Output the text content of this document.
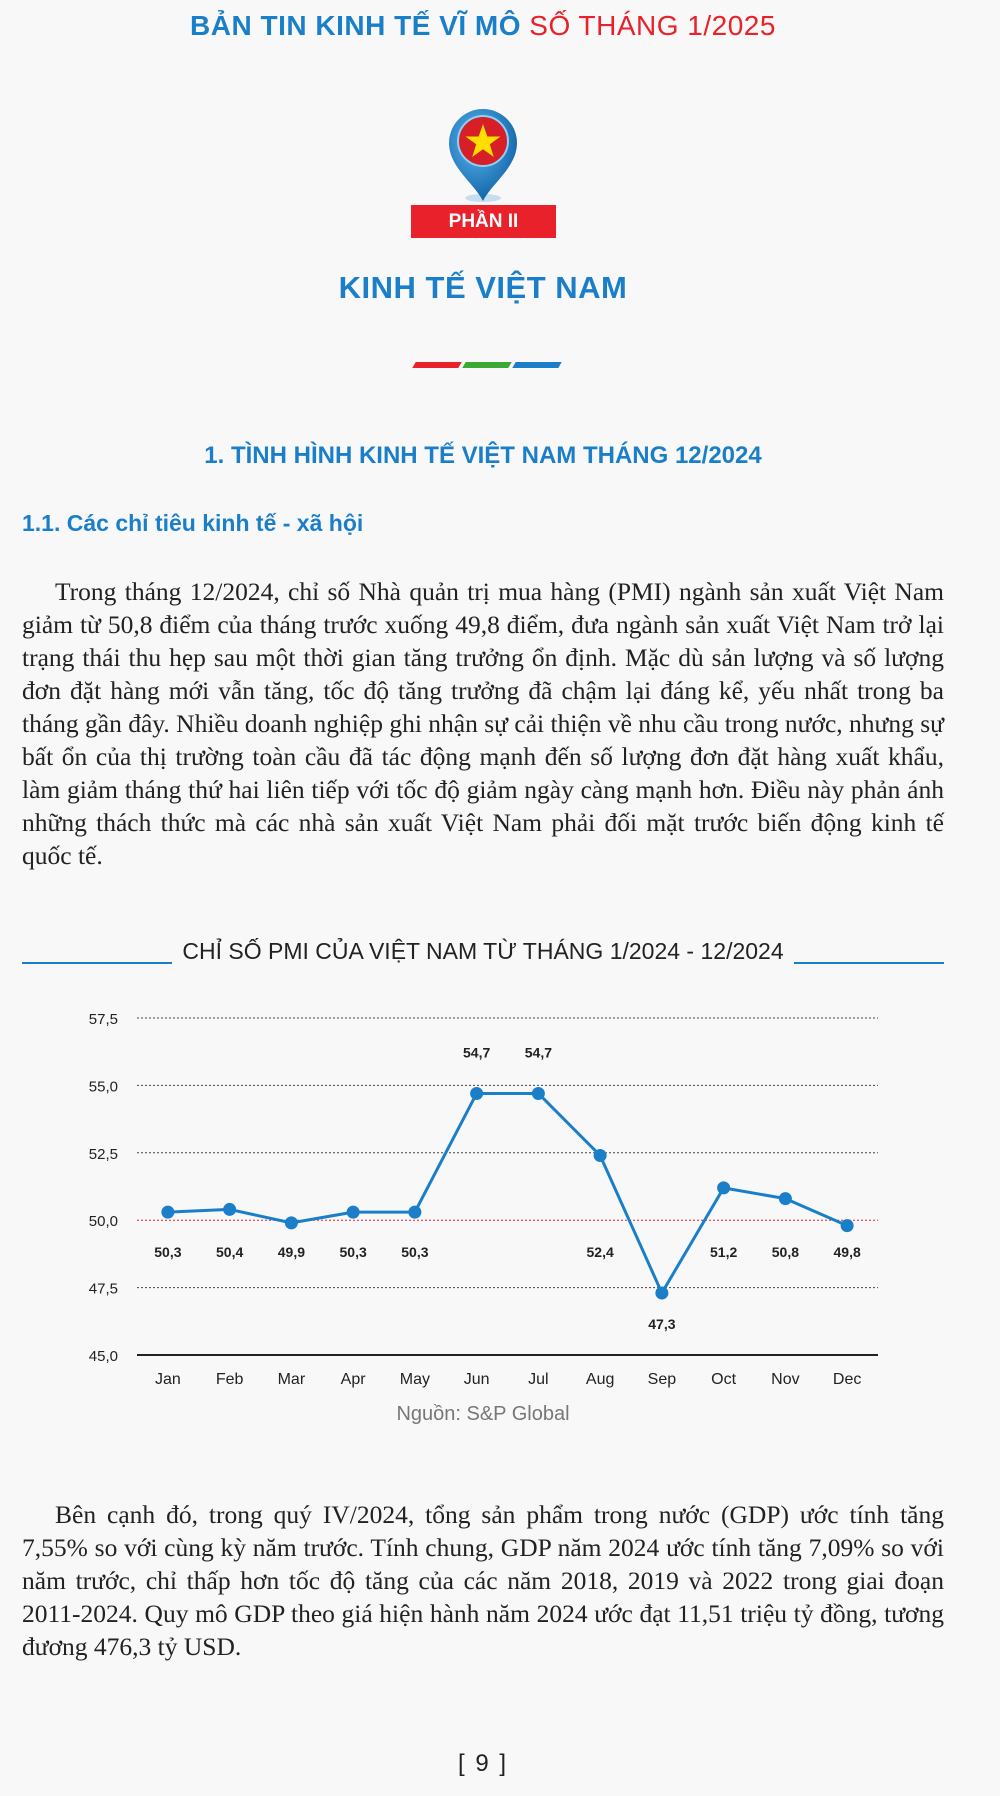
BẢN TIN KINH TẾ VĨ MÔ SỐ THÁNG 1/2025
PHẦN II
KINH TẾ VIỆT NAM
1. TÌNH HÌNH KINH TẾ VIỆT NAM THÁNG 12/2024
1.1. Các chỉ tiêu kinh tế - xã hội

Trong tháng 12/2024, chỉ số Nhà quản trị mua hàng (PMI) ngành sản xuất Việt Nam giảm từ 50,8 điểm của tháng trước xuống 49,8 điểm, đưa ngành sản xuất Việt Nam trở lại trạng thái thu hẹp sau một thời gian tăng trưởng ổn định. Mặc dù sản lượng và số lượng đơn đặt hàng mới vẫn tăng, tốc độ tăng trưởng đã chậm lại đáng kể, yếu nhất trong ba tháng gần đây. Nhiều doanh nghiệp ghi nhận sự cải thiện về nhu cầu trong nước, nhưng sự bất ổn của thị trường toàn cầu đã tác động mạnh đến số lượng đơn đặt hàng xuất khẩu, làm giảm tháng thứ hai liên tiếp với tốc độ giảm ngày càng mạnh hơn. Điều này phản ánh những thách thức mà các nhà sản xuất Việt Nam phải đối mặt trước biến động kinh tế quốc tế.

CHỈ SỐ PMI CỦA VIỆT NAM TỪ THÁNG 1/2024 - 12/2024
45,0
47,5
50,0
52,5
55,0
57,5
Jan Feb Mar Apr May Jun Jul Aug Sep Oct Nov Dec
50,3 50,4 49,9 50,3 50,3
54,7 54,7
52,4
47,3
51,2 50,8 49,8
Nguồn: S&P Global

Bên cạnh đó, trong quý IV/2024, tổng sản phẩm trong nước (GDP) ước tính tăng 7,55% so với cùng kỳ năm trước. Tính chung, GDP năm 2024 ước tính tăng 7,09% so với năm trước, chỉ thấp hơn tốc độ tăng của các năm 2018, 2019 và 2022 trong giai đoạn 2011-2024. Quy mô GDP theo giá hiện hành năm 2024 ước đạt 11,51 triệu tỷ đồng, tương đương 476,3 tỷ USD.

[ 9 ]
